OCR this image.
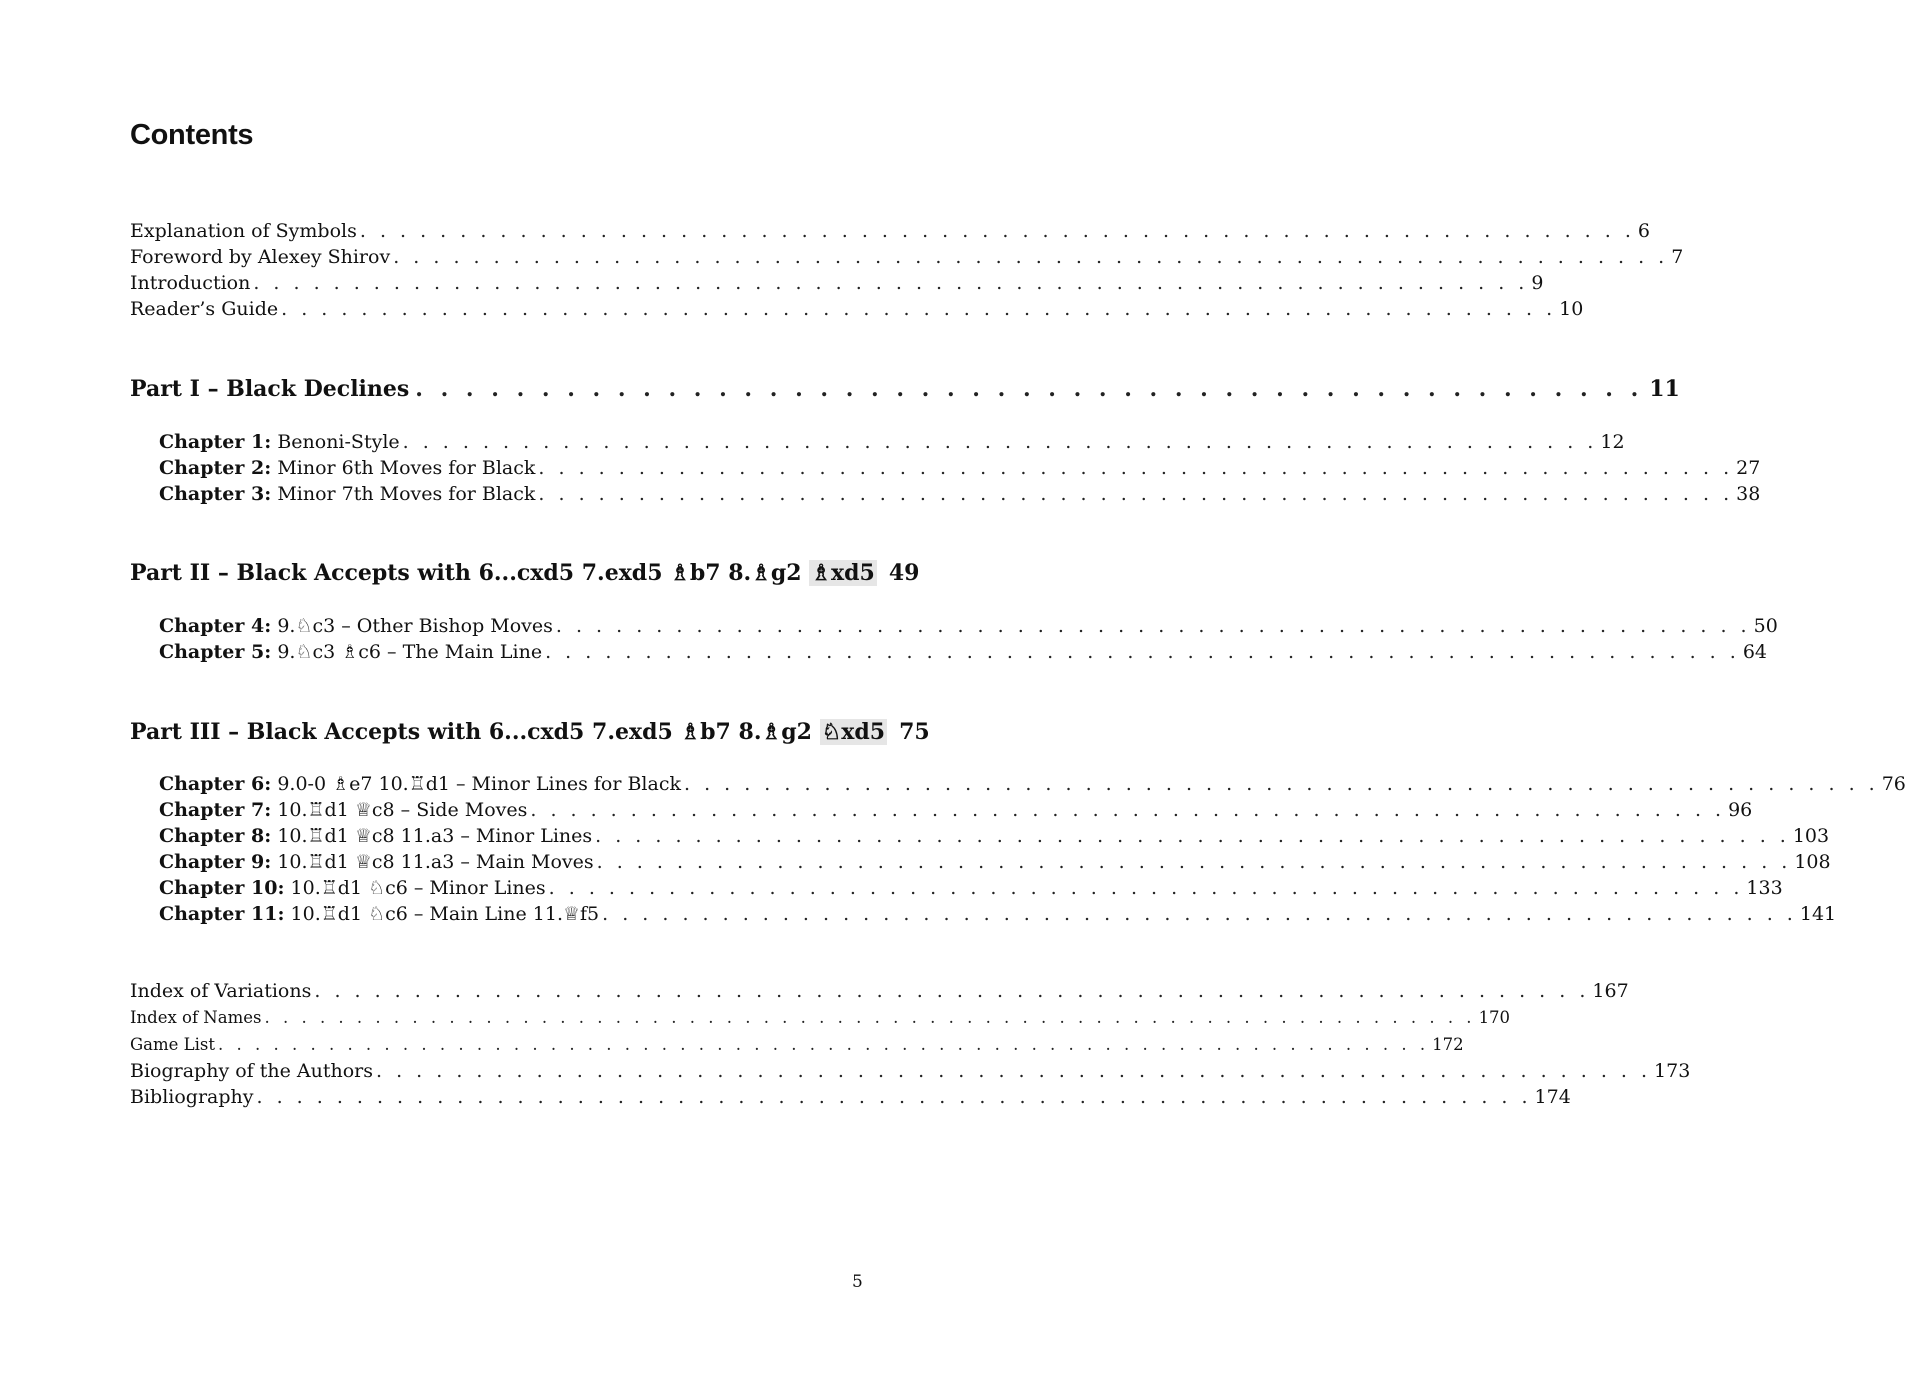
Contents
Explanation of Symbols . . . . . . . . . . . . . . . . . . . . . . . . . . . . . . . . . . . . . . . . . . . . . . . . . . . . . . . . . . . . . . . . 6
Foreword by Alexey Shirov . . . . . . . . . . . . . . . . . . . . . . . . . . . . . . . . . . . . . . . . . . . . . . . . . . . . . . . . . . . . . . . . 7
Introduction . . . . . . . . . . . . . . . . . . . . . . . . . . . . . . . . . . . . . . . . . . . . . . . . . . . . . . . . . . . . . . . . 9
Reader’s Guide . . . . . . . . . . . . . . . . . . . . . . . . . . . . . . . . . . . . . . . . . . . . . . . . . . . . . . . . . . . . . . . . 10
Part I – Black Declines . . . . . . . . . . . . . . . . . . . . . . . . . . . . . . . . . . . . . . . . . . . . . . . . . 11
Chapter 1: Benoni-Style . . . . . . . . . . . . . . . . . . . . . . . . . . . . . . . . . . . . . . . . . . . . . . . . . . . . . . . . . . . . 12
Chapter 2: Minor 6th Moves for Black . . . . . . . . . . . . . . . . . . . . . . . . . . . . . . . . . . . . . . . . . . . . . . . . . . . . . . . . . . . . 27
Chapter 3: Minor 7th Moves for Black . . . . . . . . . . . . . . . . . . . . . . . . . . . . . . . . . . . . . . . . . . . . . . . . . . . . . . . . . . . . 38
Part II – Black Accepts with 6...cxd5 7.exd5 ♗b7 8.♗g2 ♗xd5 49
Chapter 4: 9.♘c3 – Other Bishop Moves . . . . . . . . . . . . . . . . . . . . . . . . . . . . . . . . . . . . . . . . . . . . . . . . . . . . . . . . . . . . 50
Chapter 5: 9.♘c3 ♗c6 – The Main Line . . . . . . . . . . . . . . . . . . . . . . . . . . . . . . . . . . . . . . . . . . . . . . . . . . . . . . . . . . . . 64
Part III – Black Accepts with 6...cxd5 7.exd5 ♗b7 8.♗g2 ♘xd5 75
Chapter 6: 9.0-0 ♗e7 10.♖d1 – Minor Lines for Black . . . . . . . . . . . . . . . . . . . . . . . . . . . . . . . . . . . . . . . . . . . . . . . . . . . . . . . . . . . . 76
Chapter 7: 10.♖d1 ♕c8 – Side Moves . . . . . . . . . . . . . . . . . . . . . . . . . . . . . . . . . . . . . . . . . . . . . . . . . . . . . . . . . . . . 96
Chapter 8: 10.♖d1 ♕c8 11.a3 – Minor Lines . . . . . . . . . . . . . . . . . . . . . . . . . . . . . . . . . . . . . . . . . . . . . . . . . . . . . . . . . . . . 103
Chapter 9: 10.♖d1 ♕c8 11.a3 – Main Moves . . . . . . . . . . . . . . . . . . . . . . . . . . . . . . . . . . . . . . . . . . . . . . . . . . . . . . . . . . . . 108
Chapter 10: 10.♖d1 ♘c6 – Minor Lines . . . . . . . . . . . . . . . . . . . . . . . . . . . . . . . . . . . . . . . . . . . . . . . . . . . . . . . . . . . . 133
Chapter 11: 10.♖d1 ♘c6 – Main Line 11.♕f5 . . . . . . . . . . . . . . . . . . . . . . . . . . . . . . . . . . . . . . . . . . . . . . . . . . . . . . . . . . . . 141
Index of Variations . . . . . . . . . . . . . . . . . . . . . . . . . . . . . . . . . . . . . . . . . . . . . . . . . . . . . . . . . . . . . . . . 167
Index of Names . . . . . . . . . . . . . . . . . . . . . . . . . . . . . . . . . . . . . . . . . . . . . . . . . . . . . . . . . . . . . . . . . . 170
Game List . . . . . . . . . . . . . . . . . . . . . . . . . . . . . . . . . . . . . . . . . . . . . . . . . . . . . . . . . . . . . . . . . . 172
Biography of the Authors . . . . . . . . . . . . . . . . . . . . . . . . . . . . . . . . . . . . . . . . . . . . . . . . . . . . . . . . . . . . . . . . 173
Bibliography . . . . . . . . . . . . . . . . . . . . . . . . . . . . . . . . . . . . . . . . . . . . . . . . . . . . . . . . . . . . . . . . 174
5
